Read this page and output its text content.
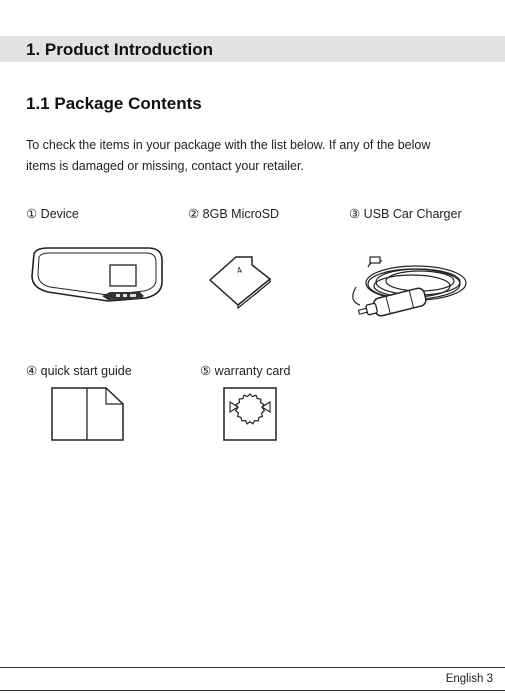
1. Product Introduction
1.1 Package Contents
To check the items in your package with the list below. If any of the below
items is damaged or missing, contact your retailer.
① Device	② 8GB MicroSD	③ USB Car Charger
④ quick start guide	⑤ warranty card
4
English 3
